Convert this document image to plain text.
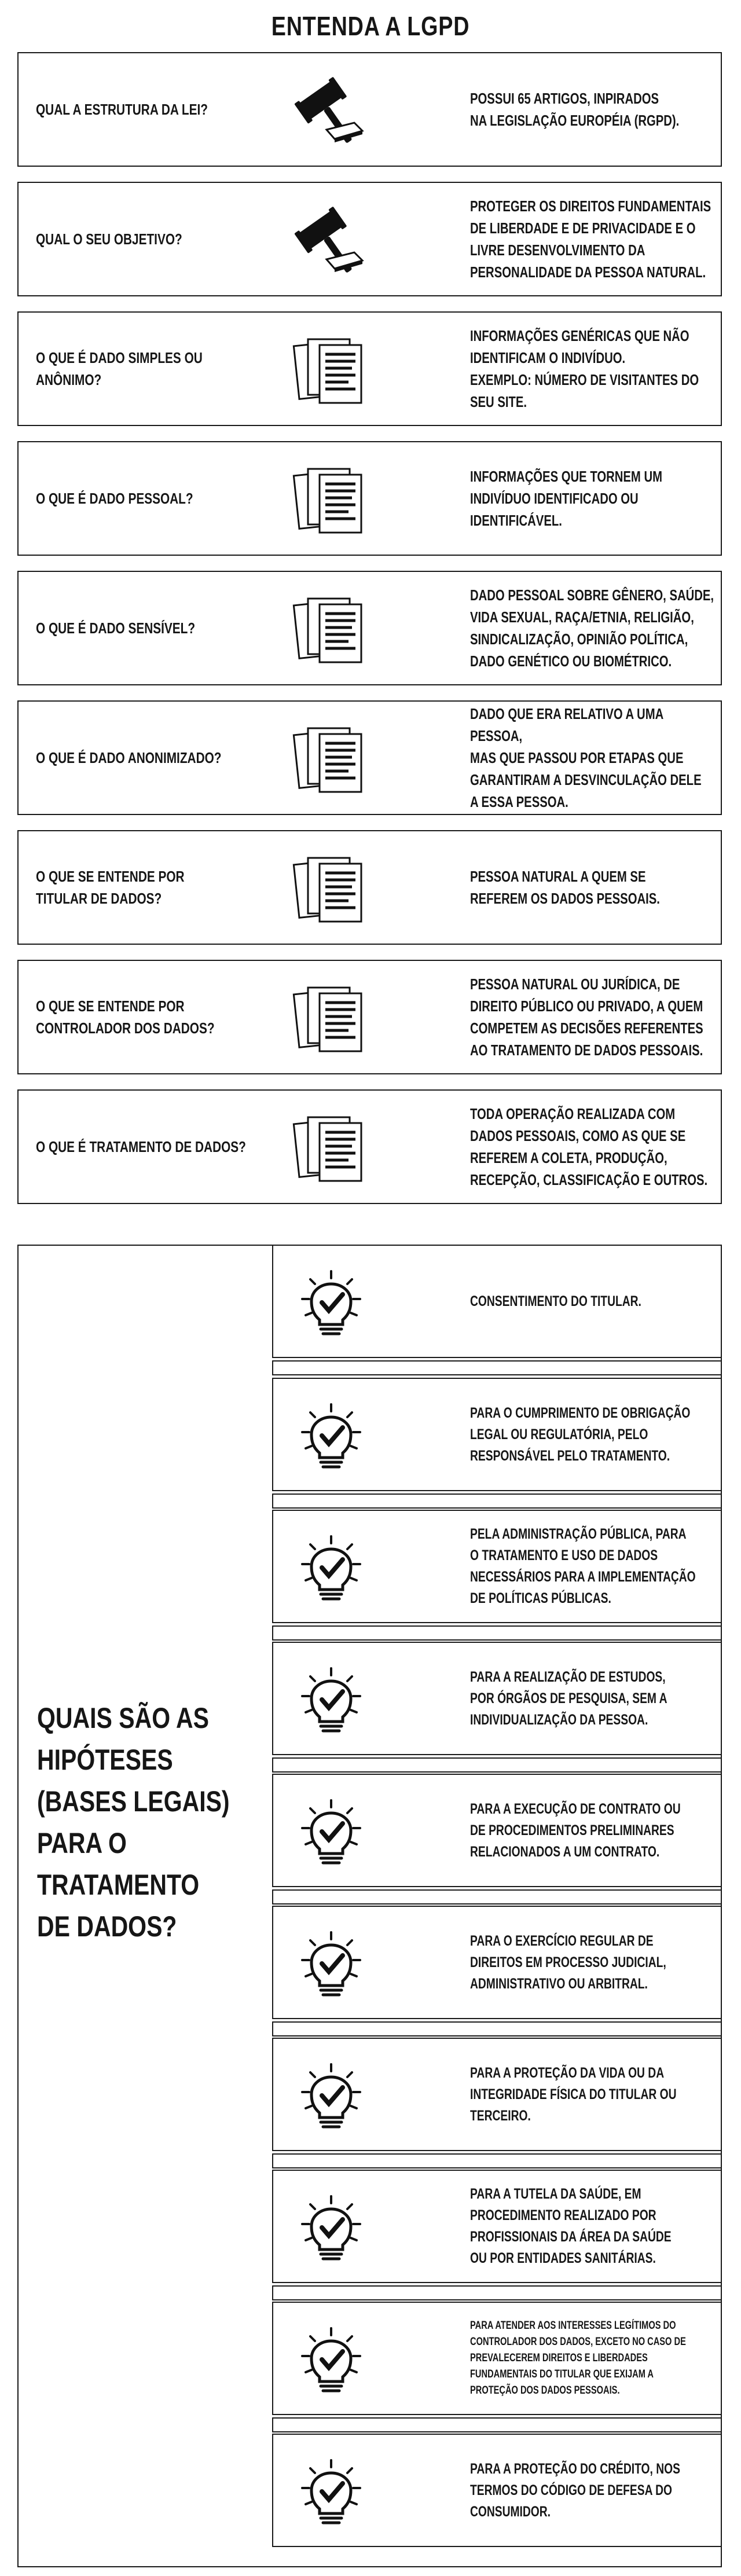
ENTENDA A LGPD
QUAL A ESTRUTURA DA LEI?
POSSUI 65 ARTIGOS, INPIRADOS
NA LEGISLAÇÃO EUROPÉIA (RGPD).
QUAL O SEU OBJETIVO?
PROTEGER OS DIREITOS FUNDAMENTAIS
DE LIBERDADE E DE PRIVACIDADE E O
LIVRE DESENVOLVIMENTO DA
PERSONALIDADE DA PESSOA NATURAL.
O QUE É DADO SIMPLES OU ANÔNIMO?
INFORMAÇÕES GENÉRICAS QUE NÃO
IDENTIFICAM O INDIVÍDUO.
EXEMPLO: NÚMERO DE VISITANTES DO
SEU SITE.
O QUE É DADO PESSOAL?
INFORMAÇÕES QUE TORNEM UM
INDIVÍDUO IDENTIFICADO OU
IDENTIFICÁVEL.
O QUE É DADO SENSÍVEL?
DADO PESSOAL SOBRE GÊNERO, SAÚDE,
VIDA SEXUAL, RAÇA/ETNIA, RELIGIÃO,
SINDICALIZAÇÃO, OPINIÃO POLÍTICA,
DADO GENÉTICO OU BIOMÉTRICO.
O QUE É DADO ANONIMIZADO?
DADO QUE ERA RELATIVO A UMA PESSOA,
MAS QUE PASSOU POR ETAPAS QUE
GARANTIRAM A DESVINCULAÇÃO DELE
A ESSA PESSOA.
O QUE SE ENTENDE POR
TITULAR DE DADOS?
PESSOA NATURAL A QUEM SE
REFEREM OS DADOS PESSOAIS.
O QUE SE ENTENDE POR
CONTROLADOR DOS DADOS?
PESSOA NATURAL OU JURÍDICA, DE
DIREITO PÚBLICO OU PRIVADO, A QUEM
COMPETEM AS DECISÕES REFERENTES
AO TRATAMENTO DE DADOS PESSOAIS.
O QUE É TRATAMENTO DE DADOS?
TODA OPERAÇÃO REALIZADA COM
DADOS PESSOAIS, COMO AS QUE SE
REFEREM A COLETA, PRODUÇÃO,
RECEPÇÃO, CLASSIFICAÇÃO E OUTROS.
QUAIS SÃO AS
HIPÓTESES
(BASES LEGAIS)
PARA O
TRATAMENTO
DE DADOS?
CONSENTIMENTO DO TITULAR.
PARA O CUMPRIMENTO DE OBRIGAÇÃO
LEGAL OU REGULATÓRIA, PELO
RESPONSÁVEL PELO TRATAMENTO.
PELA ADMINISTRAÇÃO PÚBLICA, PARA
O TRATAMENTO E USO DE DADOS
NECESSÁRIOS PARA A IMPLEMENTAÇÃO
DE POLÍTICAS PÚBLICAS.
PARA A REALIZAÇÃO DE ESTUDOS,
POR ÓRGÃOS DE PESQUISA, SEM A
INDIVIDUALIZAÇÃO DA PESSOA.
PARA A EXECUÇÃO DE CONTRATO OU
DE PROCEDIMENTOS PRELIMINARES
RELACIONADOS A UM CONTRATO.
PARA O EXERCÍCIO REGULAR DE
DIREITOS EM PROCESSO JUDICIAL,
ADMINISTRATIVO OU ARBITRAL.
PARA A PROTEÇÃO DA VIDA OU DA
INTEGRIDADE FÍSICA DO TITULAR OU
TERCEIRO.
PARA A TUTELA DA SAÚDE, EM
PROCEDIMENTO REALIZADO POR
PROFISSIONAIS DA ÁREA DA SAÚDE
OU POR ENTIDADES SANITÁRIAS.
PARA ATENDER AOS INTERESSES LEGÍTIMOS DO
CONTROLADOR DOS DADOS, EXCETO NO CASO DE
PREVALECEREM DIREITOS E LIBERDADES
FUNDAMENTAIS DO TITULAR QUE EXIJAM A
PROTEÇÃO DOS DADOS PESSOAIS.
PARA A PROTEÇÃO DO CRÉDITO, NOS
TERMOS DO CÓDIGO DE DEFESA DO
CONSUMIDOR.
